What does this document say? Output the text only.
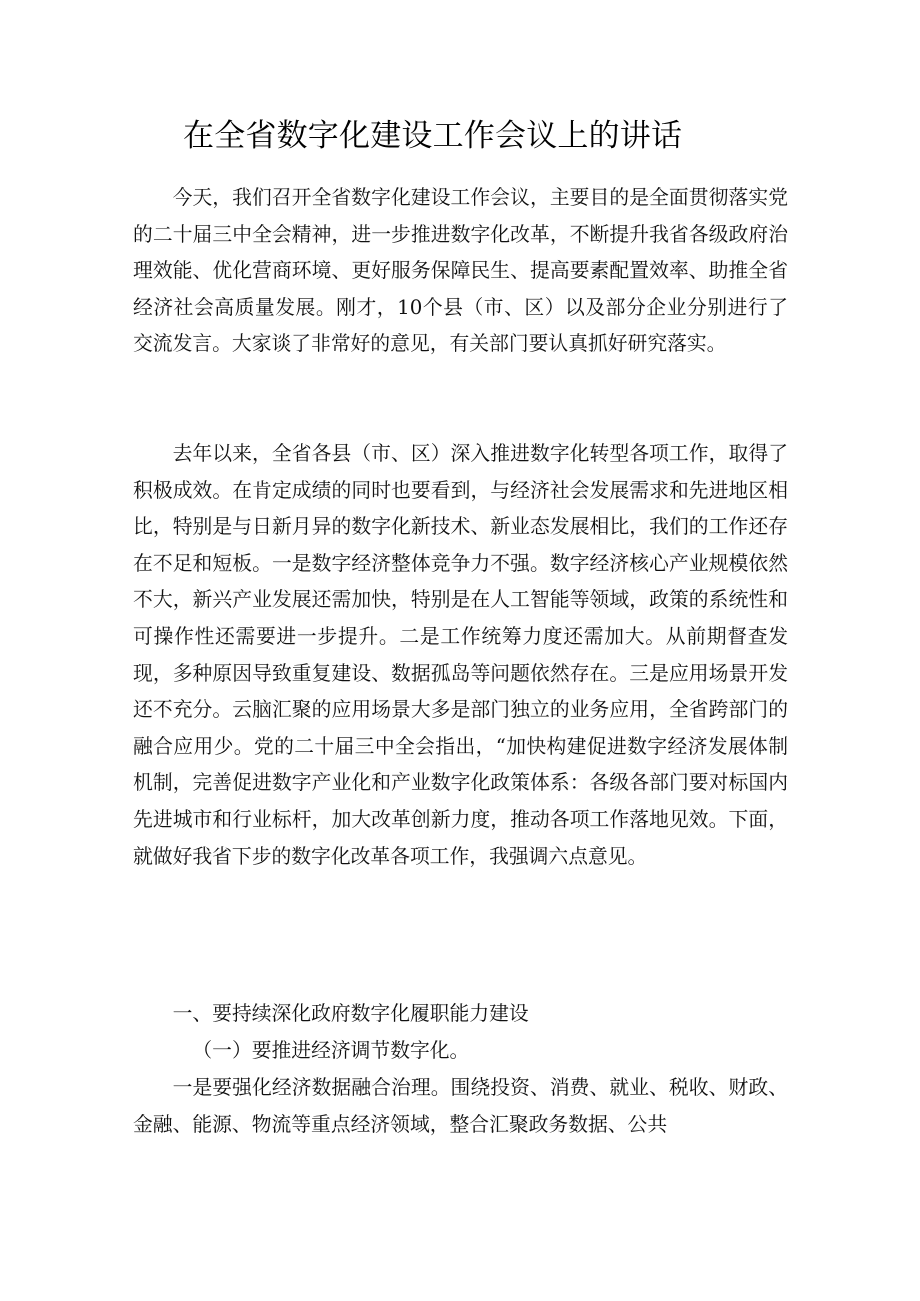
在全省数字化建设工作会议上的讲话

今天，我们召开全省数字化建设工作会议，主要目的是全面贯彻落实党的二十届三中全会精神，进一步推进数字化改革，不断提升我省各级政府治理效能、优化营商环境、更好服务保障民生、提高要素配置效率、助推全省经济社会高质量发展。刚才，10个县（市、区）以及部分企业分别进行了交流发言。大家谈了非常好的意见，有关部门要认真抓好研究落实。

去年以来，全省各县（市、区）深入推进数字化转型各项工作，取得了积极成效。在肯定成绩的同时也要看到，与经济社会发展需求和先进地区相比，特别是与日新月异的数字化新技术、新业态发展相比，我们的工作还存在不足和短板。一是数字经济整体竞争力不强。数字经济核心产业规模依然不大，新兴产业发展还需加快，特别是在人工智能等领域，政策的系统性和可操作性还需要进一步提升。二是工作统筹力度还需加大。从前期督查发现，多种原因导致重复建设、数据孤岛等问题依然存在。三是应用场景开发还不充分。云脑汇聚的应用场景大多是部门独立的业务应用，全省跨部门的融合应用少。党的二十届三中全会指出，“加快构建促进数字经济发展体制机制，完善促进数字产业化和产业数字化政策体系：各级各部门要对标国内先进城市和行业标杆，加大改革创新力度，推动各项工作落地见效。下面，就做好我省下步的数字化改革各项工作，我强调六点意见。

一、要持续深化政府数字化履职能力建设

（一）要推进经济调节数字化。

一是要强化经济数据融合治理。围绕投资、消费、就业、税收、财政、金融、能源、物流等重点经济领域，整合汇聚政务数据、公共
